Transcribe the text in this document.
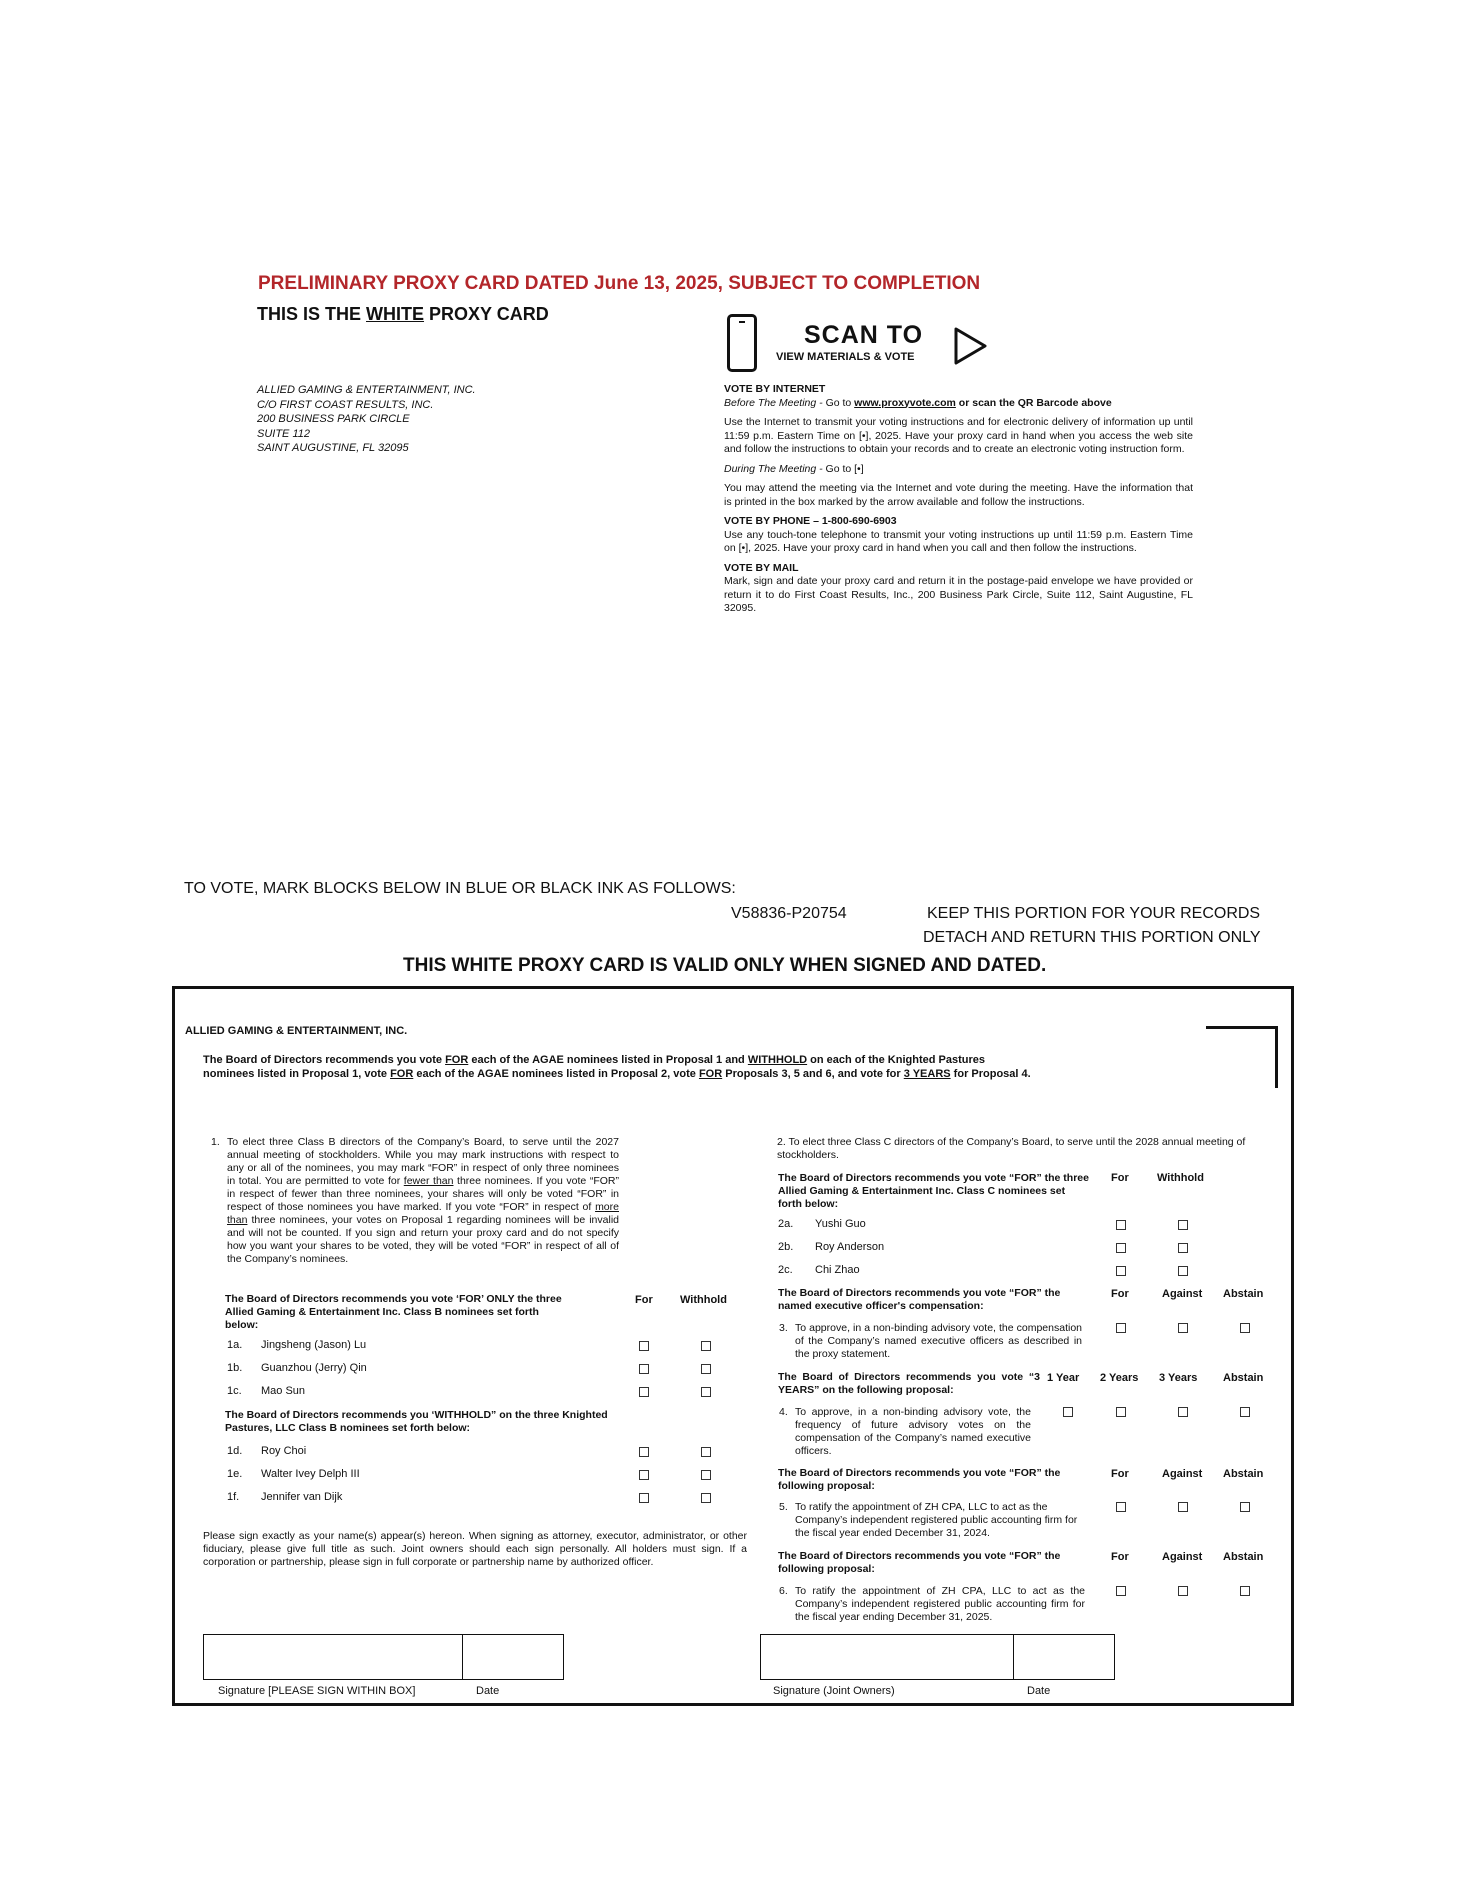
PRELIMINARY PROXY CARD DATED June 13, 2025, SUBJECT TO COMPLETION
THIS IS THE WHITE PROXY CARD
SCAN TO
VIEW MATERIALS & VOTE
ALLIED GAMING & ENTERTAINMENT, INC.
C/O FIRST COAST RESULTS, INC.
200 BUSINESS PARK CIRCLE
SUITE 112
SAINT AUGUSTINE, FL 32095
VOTE BY INTERNET
Before The Meeting - Go to www.proxyvote.com or scan the QR Barcode above

Use the Internet to transmit your voting instructions and for electronic delivery of information up until 11:59 p.m. Eastern Time on [•], 2025. Have your proxy card in hand when you access the web site and follow the instructions to obtain your records and to create an electronic voting instruction form.

During The Meeting - Go to [•]

You may attend the meeting via the Internet and vote during the meeting. Have the information that is printed in the box marked by the arrow available and follow the instructions.

VOTE BY PHONE – 1-800-690-6903

Use any touch-tone telephone to transmit your voting instructions up until 11:59 p.m. Eastern Time on [•], 2025. Have your proxy card in hand when you call and then follow the instructions.

VOTE BY MAIL

Mark, sign and date your proxy card and return it in the postage-paid envelope we have provided or return it to do First Coast Results, Inc., 200 Business Park Circle, Suite 112, Saint Augustine, FL 32095.

TO VOTE, MARK BLOCKS BELOW IN BLUE OR BLACK INK AS FOLLOWS:
V58836-P20754	KEEP THIS PORTION FOR YOUR RECORDS
DETACH AND RETURN THIS PORTION ONLY
THIS WHITE PROXY CARD IS VALID ONLY WHEN SIGNED AND DATED.
ALLIED GAMING & ENTERTAINMENT, INC.
The Board of Directors recommends you vote FOR each of the AGAE nominees listed in Proposal 1 and WITHHOLD on each of the Knighted Pastures nominees listed in Proposal 1, vote FOR each of the AGAE nominees listed in Proposal 2, vote FOR Proposals 3, 5 and 6, and vote for 3 YEARS for Proposal 4.
1. To elect three Class B directors of the Company’s Board, to serve until the 2027 annual meeting of stockholders. While you may mark instructions with respect to any or all of the nominees, you may mark “FOR” in respect of only three nominees in total. You are permitted to vote for fewer than three nominees. If you vote “FOR” in respect of fewer than three nominees, your shares will only be voted “FOR” in respect of those nominees you have marked. If you vote “FOR” in respect of more than three nominees, your votes on Proposal 1 regarding nominees will be invalid and will not be counted. If you sign and return your proxy card and do not specify how you want your shares to be voted, they will be voted “FOR” in respect of all of the Company’s nominees.
The Board of Directors recommends you vote ‘FOR’ ONLY the three Allied Gaming & Entertainment Inc. Class B nominees set forth below:
For Withhold
1a. Jingsheng (Jason) Lu
1b. Guanzhou (Jerry) Qin
1c. Mao Sun
The Board of Directors recommends you ‘WITHHOLD” on the three Knighted Pastures, LLC Class B nominees set forth below:
1d. Roy Choi
1e. Walter Ivey Delph III
1f. Jennifer van Dijk
Please sign exactly as your name(s) appear(s) hereon. When signing as attorney, executor, administrator, or other fiduciary, please give full title as such. Joint owners should each sign personally. All holders must sign. If a corporation or partnership, please sign in full corporate or partnership name by authorized officer.
2. To elect three Class C directors of the Company’s Board, to serve until the 2028 annual meeting of stockholders.
The Board of Directors recommends you vote “FOR” the three Allied Gaming & Entertainment Inc. Class C nominees set forth below:
For	Withhold
2a. Yushi Guo
2b. Roy Anderson
2c. Chi Zhao
The Board of Directors recommends you vote “FOR” the named executive officer's compensation:
For	Against Abstain
3. To approve, in a non-binding advisory vote, the compensation of the Company’s named executive officers as described in the proxy statement.
The Board of Directors recommends you vote “3 YEARS” on the following proposal:
1 Year 2 Years 3 Years Abstain
4. To approve, in a non-binding advisory vote, the frequency of future advisory votes on the compensation of the Company’s named executive officers.
The Board of Directors recommends you vote “FOR” the following proposal:
For	Against Abstain
5. To ratify the appointment of ZH CPA, LLC to act as the Company’s independent registered public accounting firm for the fiscal year ended December 31, 2024.
The Board of Directors recommends you vote “FOR” the following proposal:
For	Against Abstain
6. To ratify the appointment of ZH CPA, LLC to act as the Company’s independent registered public accounting firm for the fiscal year ending December 31, 2025.
Signature [PLEASE SIGN WITHIN BOX]	Date	Signature (Joint Owners)	Date
